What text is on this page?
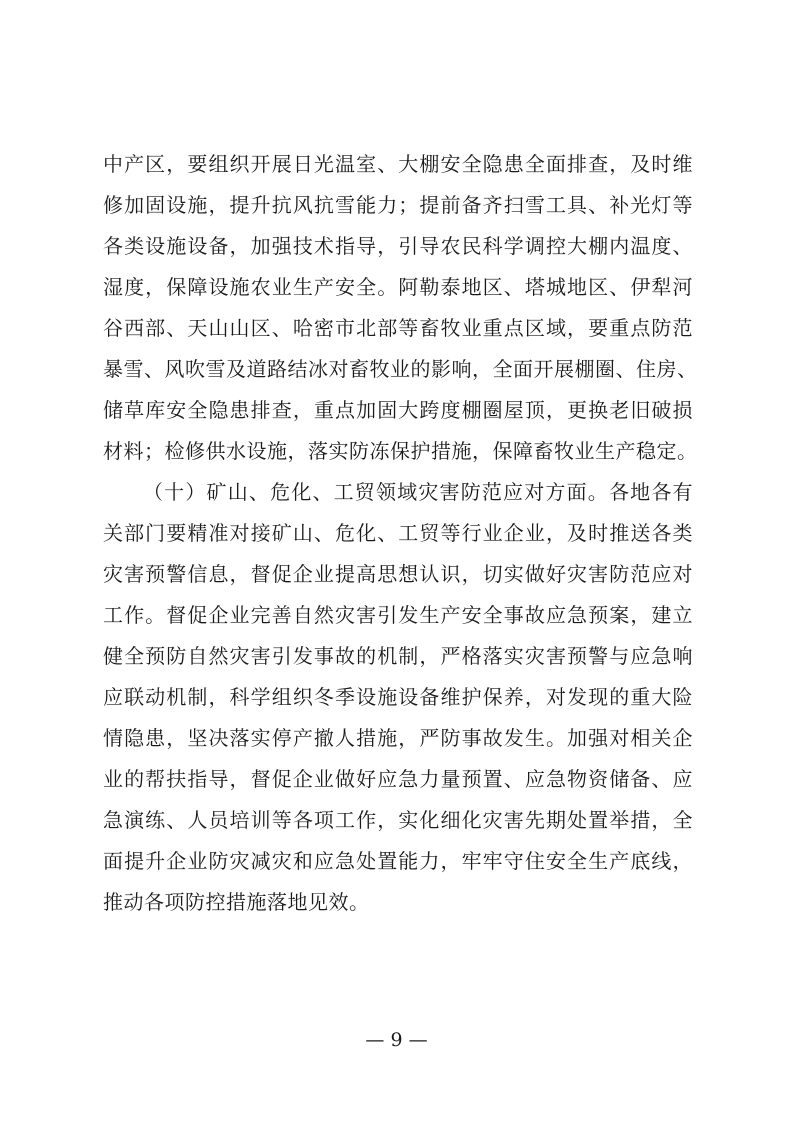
中产区，要组织开展日光温室、大棚安全隐患全面排查，及时维
修加固设施，提升抗风抗雪能力；提前备齐扫雪工具、补光灯等
各类设施设备，加强技术指导，引导农民科学调控大棚内温度、
湿度，保障设施农业生产安全。阿勒泰地区、塔城地区、伊犁河
谷西部、天山山区、哈密市北部等畜牧业重点区域，要重点防范
暴雪、风吹雪及道路结冰对畜牧业的影响，全面开展棚圈、住房、
储草库安全隐患排查，重点加固大跨度棚圈屋顶，更换老旧破损
材料；检修供水设施，落实防冻保护措施，保障畜牧业生产稳定。
（十）矿山、危化、工贸领域灾害防范应对方面。各地各有
关部门要精准对接矿山、危化、工贸等行业企业，及时推送各类
灾害预警信息，督促企业提高思想认识，切实做好灾害防范应对
工作。督促企业完善自然灾害引发生产安全事故应急预案，建立
健全预防自然灾害引发事故的机制，严格落实灾害预警与应急响
应联动机制，科学组织冬季设施设备维护保养，对发现的重大险
情隐患，坚决落实停产撤人措施，严防事故发生。加强对相关企
业的帮扶指导，督促企业做好应急力量预置、应急物资储备、应
急演练、人员培训等各项工作，实化细化灾害先期处置举措，全
面提升企业防灾减灾和应急处置能力，牢牢守住安全生产底线，
推动各项防控措施落地见效。
— 9 —
